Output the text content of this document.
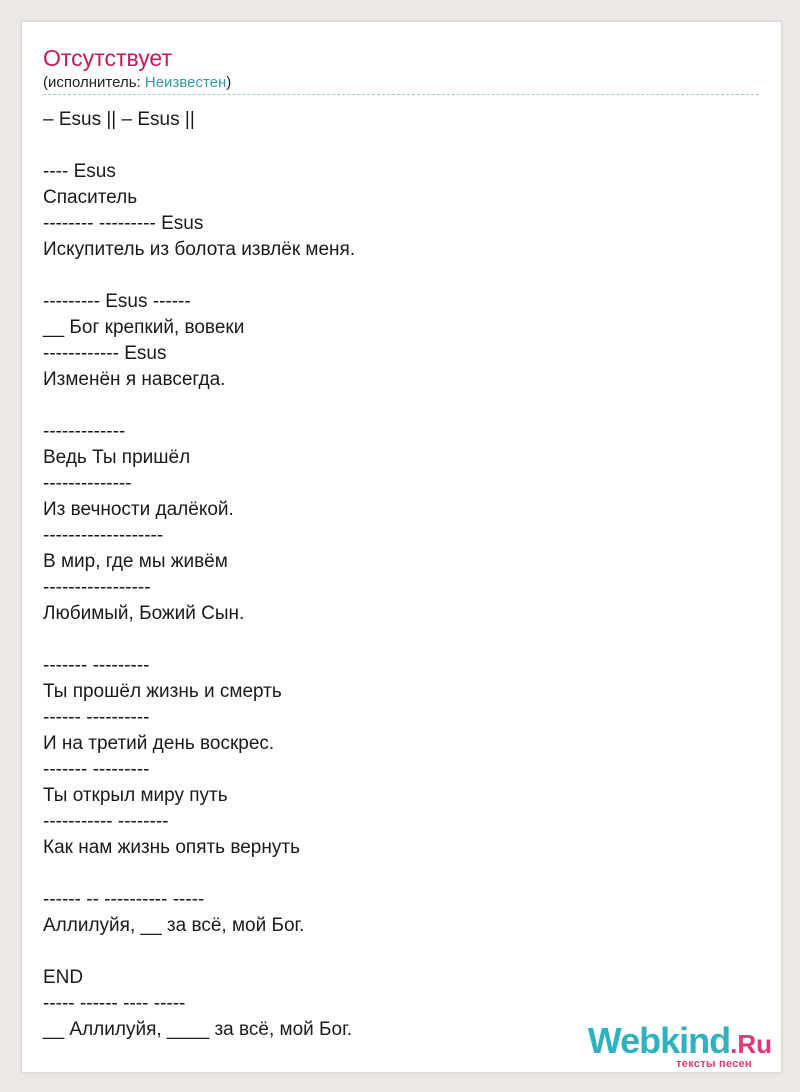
Отсутствует
(исполнитель: Неизвестен)
– Esus || – Esus ||

---- Esus
Спаситель
-------- --------- Esus
Искупитель из болота извлёк меня.

--------- Esus ------
__ Бог крепкий, вовеки
------------ Esus
Изменён я навсегда.

-------------
Ведь Ты пришёл
--------------
Из вечности далёкой.
-------------------
В мир, где мы живём
-----------------
Любимый, Божий Сын.

------- ---------
Ты прошёл жизнь и смерть
------ ----------
И на третий день воскрес.
------- ---------
Ты открыл миру путь
----------- --------
Как нам жизнь опять вернуть

------ -- ---------- -----
Аллилуйя, __ за всё, мой Бог.

END
----- ------ ---- -----
__ Аллилуйя, ____ за всё, мой Бог.	Webkind.Ru
тексты песен
